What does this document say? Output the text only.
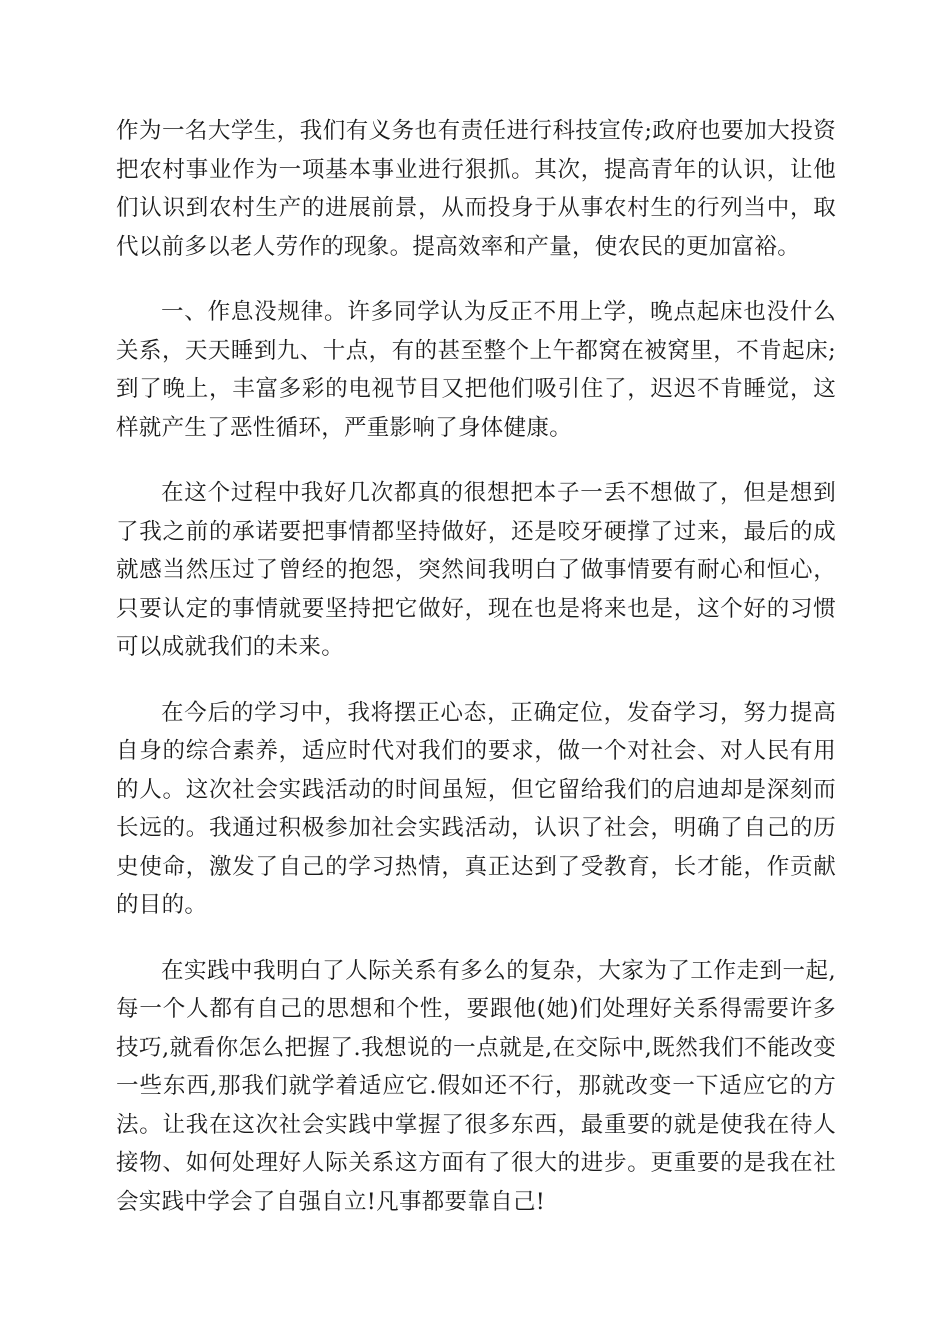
作为一名大学生，我们有义务也有责任进行科技宣传;政府也要加大投资把农村事业作为一项基本事业进行狠抓。其次，提高青年的认识，让他们认识到农村生产的进展前景，从而投身于从事农村生的行列当中，取代以前多以老人劳作的现象。提高效率和产量，使农民的更加富裕。

一、作息没规律。许多同学认为反正不用上学，晚点起床也没什么关系，天天睡到九、十点，有的甚至整个上午都窝在被窝里，不肯起床;到了晚上，丰富多彩的电视节目又把他们吸引住了，迟迟不肯睡觉，这样就产生了恶性循环，严重影响了身体健康。

在这个过程中我好几次都真的很想把本子一丢不想做了，但是想到了我之前的承诺要把事情都坚持做好，还是咬牙硬撑了过来，最后的成就感当然压过了曾经的抱怨，突然间我明白了做事情要有耐心和恒心，只要认定的事情就要坚持把它做好，现在也是将来也是，这个好的习惯可以成就我们的未来。

在今后的学习中，我将摆正心态，正确定位，发奋学习，努力提高自身的综合素养，适应时代对我们的要求，做一个对社会、对人民有用的人。这次社会实践活动的时间虽短，但它留给我们的启迪却是深刻而长远的。我通过积极参加社会实践活动，认识了社会，明确了自己的历史使命，激发了自己的学习热情，真正达到了受教育，长才能，作贡献的目的。

在实践中我明白了人际关系有多么的复杂，大家为了工作走到一起,每一个人都有自己的思想和个性，要跟他(她)们处理好关系得需要许多技巧,就看你怎么把握了.我想说的一点就是,在交际中,既然我们不能改变一些东西,那我们就学着适应它.假如还不行，那就改变一下适应它的方法。让我在这次社会实践中掌握了很多东西，最重要的就是使我在待人接物、如何处理好人际关系这方面有了很大的进步。更重要的是我在社会实践中学会了自强自立!凡事都要靠自己!
